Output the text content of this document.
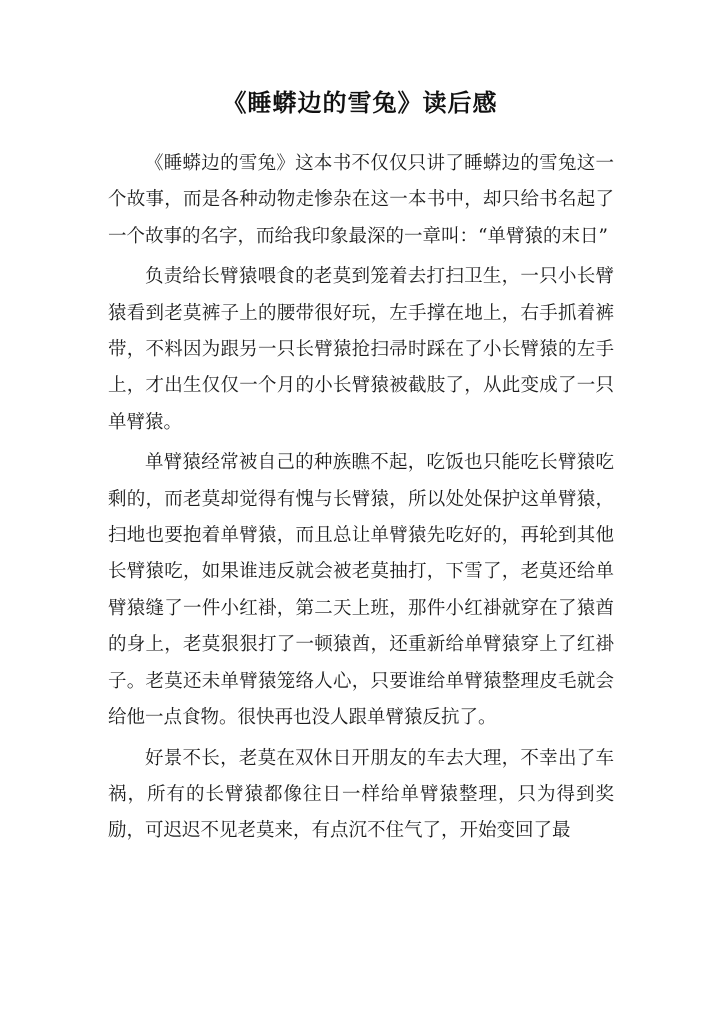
《睡蟒边的雪兔》读后感

《睡蟒边的雪兔》这本书不仅仅只讲了睡蟒边的雪兔这一个故事，而是各种动物走惨杂在这一本书中，却只给书名起了一个故事的名字，而给我印象最深的一章叫：“单臂猿的末日”

负责给长臂猿喂食的老莫到笼着去打扫卫生，一只小长臂猿看到老莫裤子上的腰带很好玩，左手撑在地上，右手抓着裤带，不料因为跟另一只长臂猿抢扫帚时踩在了小长臂猿的左手上，才出生仅仅一个月的小长臂猿被截肢了，从此变成了一只单臂猿。

单臂猿经常被自己的种族瞧不起，吃饭也只能吃长臂猿吃剩的，而老莫却觉得有愧与长臂猿，所以处处保护这单臂猿，扫地也要抱着单臂猿，而且总让单臂猿先吃好的，再轮到其他长臂猿吃，如果谁违反就会被老莫抽打，下雪了，老莫还给单臂猿缝了一件小红褂，第二天上班，那件小红褂就穿在了猿酋的身上，老莫狠狠打了一顿猿酋，还重新给单臂猿穿上了红褂子。老莫还未单臂猿笼络人心，只要谁给单臂猿整理皮毛就会给他一点食物。很快再也没人跟单臂猿反抗了。

好景不长，老莫在双休日开朋友的车去大理，不幸出了车祸，所有的长臂猿都像往日一样给单臂猿整理，只为得到奖励，可迟迟不见老莫来，有点沉不住气了，开始变回了最
